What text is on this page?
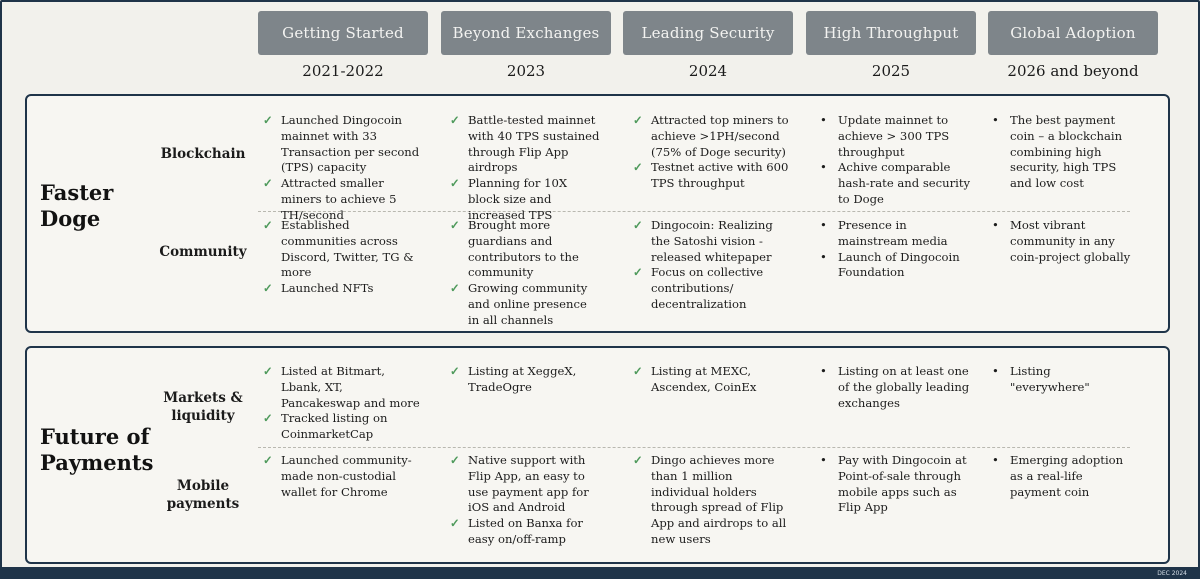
DEC 2024
Getting Started
2021-2022
Beyond Exchanges
2023
Leading Security
2024
High Throughput
2025
Global Adoption
2026 and beyond
Faster
Doge
Blockchain
✓ Launched Dingocoin mainnet with 33 Transaction per second (TPS) capacity
✓ Attracted smaller miners to achieve 5 TH/second
✓ Battle-tested mainnet with 40 TPS sustained through Flip App airdrops
✓ Planning for 10X block size and increased TPS
✓ Attracted top miners to achieve >1PH/second (75% of Doge security)
✓ Testnet active with 600 TPS throughput
• Update mainnet to achieve > 300 TPS throughput
• Achive comparable hash-rate and security to Doge
• The best payment coin – a blockchain combining high security, high TPS and low cost
Community
✓ Established communities across Discord, Twitter, TG & more
✓ Launched NFTs
✓ Brought more guardians and contributors to the community
✓ Growing community and online presence in all channels
✓ Dingocoin: Realizing the Satoshi vision - released whitepaper
✓ Focus on collective contributions/ decentralization
• Presence in mainstream media
• Launch of Dingocoin Foundation
• Most vibrant community in any coin-project globally
Future of
Payments
Markets &
liquidity
✓ Listed at Bitmart, Lbank, XT, Pancakeswap and more
✓ Tracked listing on CoinmarketCap
✓ Listing at XeggeX, TradeOgre
✓ Listing at MEXC, Ascendex, CoinEx
• Listing on at least one of the globally leading exchanges
• Listing "everywhere"
Mobile
payments
✓ Launched community-made non-custodial wallet for Chrome
✓ Native support with Flip App, an easy to use payment app for iOS and Android
✓ Listed on Banxa for easy on/off-ramp
✓ Dingo achieves more than 1 million individual holders through spread of Flip App and airdrops to all new users
• Pay with Dingocoin at Point-of-sale through mobile apps such as Flip App
• Emerging adoption as a real-life payment coin
